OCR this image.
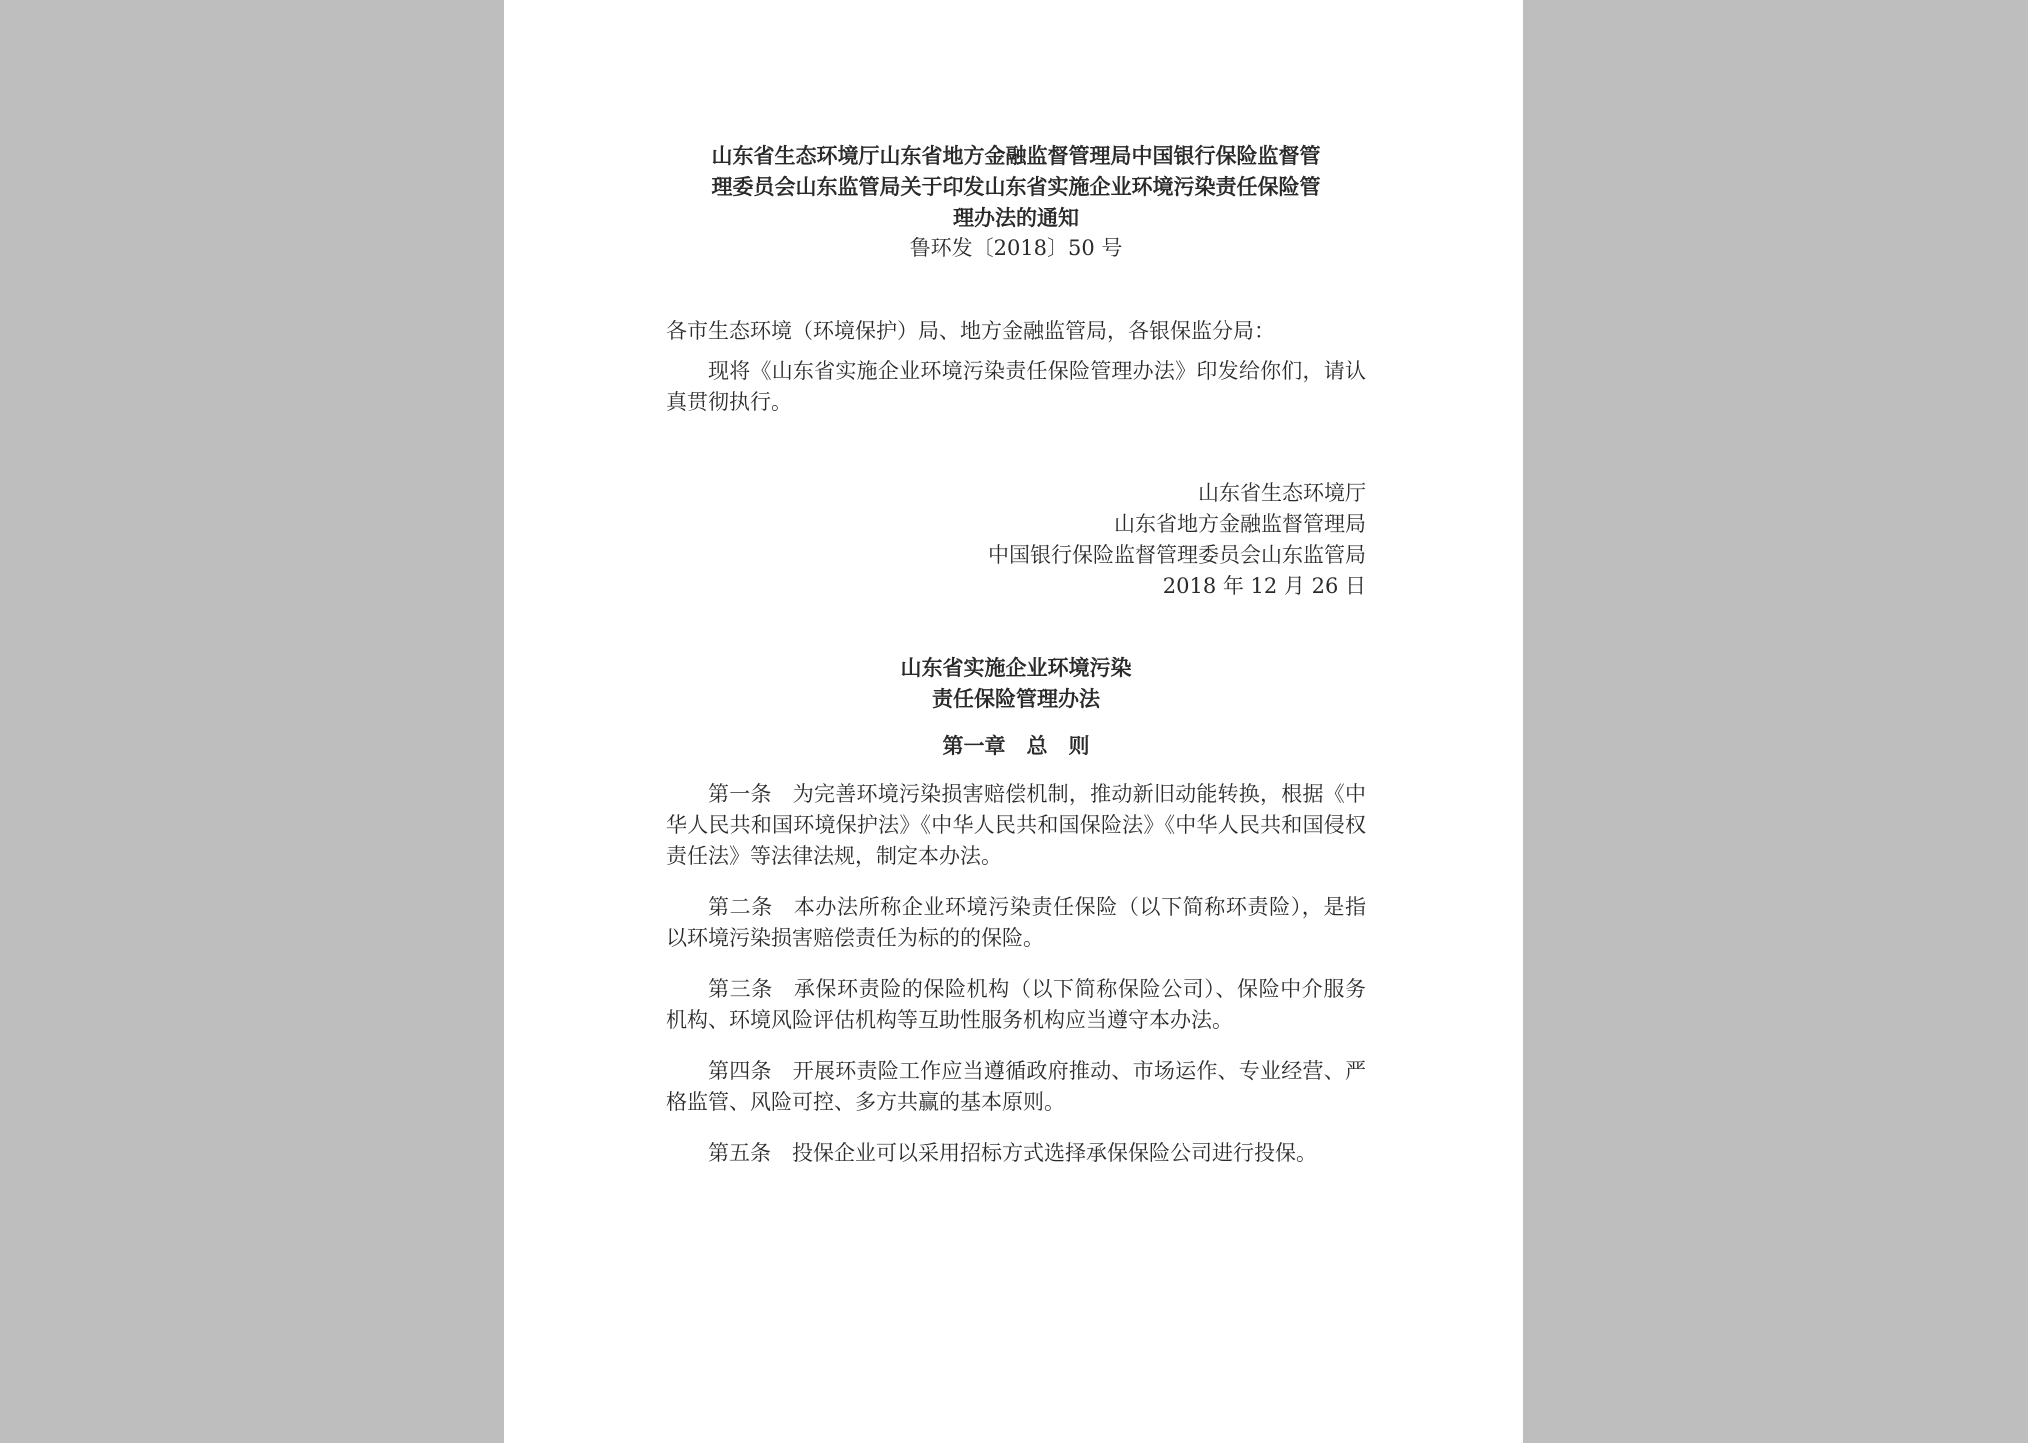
山东省生态环境厅山东省地方金融监督管理局中国银行保险监督管
理委员会山东监管局关于印发山东省实施企业环境污染责任保险管
理办法的通知
鲁环发〔2018〕50 号

各市生态环境（环境保护）局、地方金融监管局，各银保监分局：

现将《山东省实施企业环境污染责任保险管理办法》印发给你们，请认真贯彻执行。

山东省生态环境厅
山东省地方金融监督管理局
中国银行保险监督管理委员会山东监管局
2018 年 12 月 26 日
山东省实施企业环境污染
责任保险管理办法
第一章　总　则

第一条 为完善环境污染损害赔偿机制，推动新旧动能转换，根据《中华人民共和国环境保护法》《中华人民共和国保险法》《中华人民共和国侵权责任法》等法律法规，制定本办法。

第二条 本办法所称企业环境污染责任保险（以下简称环责险），是指以环境污染损害赔偿责任为标的的保险。

第三条 承保环责险的保险机构（以下简称保险公司）、保险中介服务机构、环境风险评估机构等互助性服务机构应当遵守本办法。

第四条 开展环责险工作应当遵循政府推动、市场运作、专业经营、严格监管、风险可控、多方共赢的基本原则。

第五条 投保企业可以采用招标方式选择承保保险公司进行投保。
